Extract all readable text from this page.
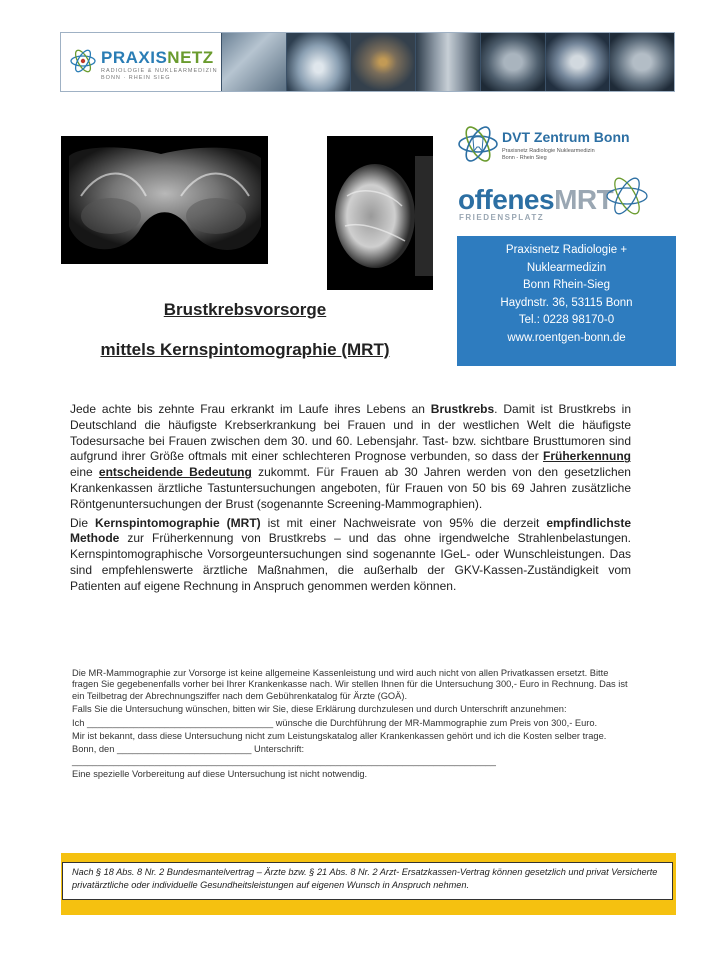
PRAXISNETZ
RADIOLOGIE & NUKLEARMEDIZIN
BONN · RHEIN SIEG
Brustkrebsvorsorge
mittels Kernspintomographie (MRT)
DVT Zentrum Bonn
Praxisnetz Radiologie Nuklearmedizin
Bonn - Rhein Sieg
offenesMRT
FRIEDENSPLATZ
Praxisnetz Radiologie +
Nuklearmedizin
Bonn Rhein-Sieg
Haydnstr. 36, 53115 Bonn
Tel.: 0228 98170-0
www.roentgen-bonn.de

Jede achte bis zehnte Frau erkrankt im Laufe ihres Lebens an Brustkrebs. Damit ist Brustkrebs in Deutschland die häufigste Krebserkrankung bei Frauen und in der westlichen Welt die häufigste Todesursache bei Frauen zwischen dem 30. und 60. Lebensjahr. Tast- bzw. sichtbare Brusttumoren sind aufgrund ihrer Größe oftmals mit einer schlechteren Prognose verbunden, so dass der Früherkennung eine entscheidende Bedeutung zukommt. Für Frauen ab 30 Jahren werden von den gesetzlichen Krankenkassen ärztliche Tastuntersuchungen angeboten, für Frauen von 50 bis 69 Jahren zusätzliche Röntgenuntersuchungen der Brust (sogenannte Screening-Mammographien).

Die Kernspintomographie (MRT) ist mit einer Nachweisrate von 95% die derzeit empfindlichste Methode zur Früherkennung von Brustkrebs – und das ohne irgendwelche Strahlenbelastungen. Kernspintomographische Vorsorgeuntersuchungen sind sogenannte IGeL- oder Wunschleistungen. Das sind empfehlenswerte ärztliche Maßnahmen, die außerhalb der GKV-Kassen-Zuständigkeit vom Patienten auf eigene Rechnung in Anspruch genommen werden können.

Die MR-Mammographie zur Vorsorge ist keine allgemeine Kassenleistung und wird auch nicht von allen Privatkassen ersetzt. Bitte fragen Sie gegebenenfalls vorher bei Ihrer Krankenkasse nach. Wir stellen Ihnen für die Untersuchung 300,- Euro in Rechnung. Das ist ein Teilbetrag der Abrechnungsziffer nach dem Gebührenkatalog für Ärzte (GOÄ).

Falls Sie die Untersuchung wünschen, bitten wir Sie, diese Erklärung durchzulesen und durch Unterschrift anzunehmen:

Ich ____________________________________ wünsche die Durchführung der MR-Mammographie zum Preis von 300,- Euro.

Mir ist bekannt, dass diese Untersuchung nicht zum Leistungskatalog aller Krankenkassen gehört und ich die Kosten selber trage.

Bonn, den __________________________ Unterschrift:

__________________________________________________________________________________

Eine spezielle Vorbereitung auf diese Untersuchung ist nicht notwendig.

Nach § 18 Abs. 8 Nr. 2 Bundesmantelvertrag – Ärzte bzw. § 21 Abs. 8 Nr. 2 Arzt- Ersatzkassen-Vertrag können gesetzlich und privat Versicherte privatärztliche oder individuelle Gesundheitsleistungen auf eigenen Wunsch in Anspruch nehmen.
